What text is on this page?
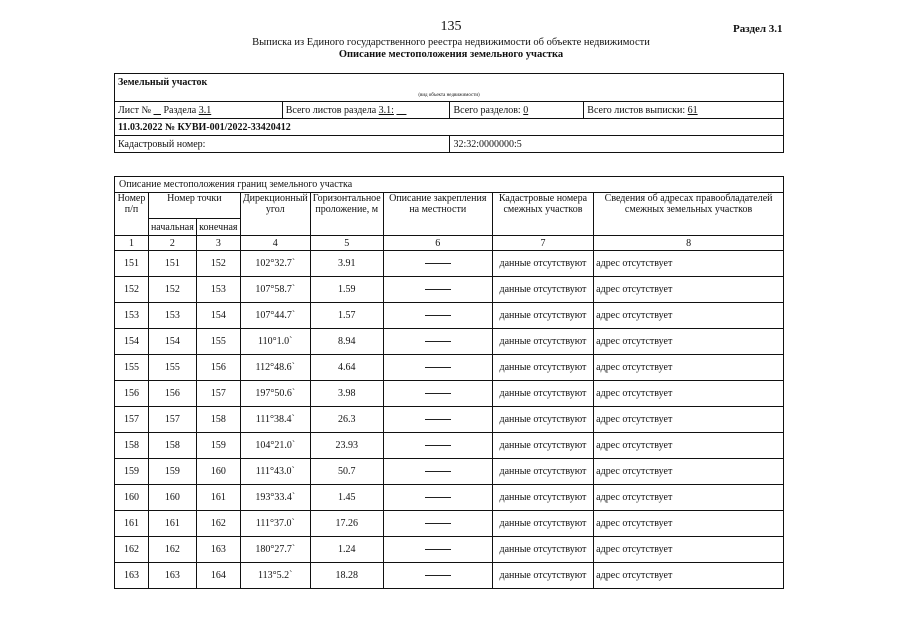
135	Раздел 3.1
Выписка из Единого государственного реестра недвижимости об объекте недвижимости
Описание местоположения земельного участка
Земельный участок			
(вид объекта недвижимости)			
Лист № Раздела 3.1	Всего листов раздела 3.1:	Всего разделов: 0	Всего листов выписки: 61
11.03.2022 № КУВИ-001/2022-33420412			
Кадастровый номер:		32:32:0000000:5	
Описание местоположения границ земельного участка							
Номер п/п	Номер точки		Дирекционный угол	Горизонтальное проложение, м	Описание закрепления на местности	Кадастровые номера смежных участков	Сведения об адресах правообладателей смежных земельных участков
	начальная	конечная					
1	2	3	4	5	6	7	8
151	151	152	102°32.7`	3.91		данные отсутствуют	адрес отсутствует
152	152	153	107°58.7`	1.59		данные отсутствуют	адрес отсутствует
153	153	154	107°44.7`	1.57		данные отсутствуют	адрес отсутствует
154	154	155	110°1.0`	8.94		данные отсутствуют	адрес отсутствует
155	155	156	112°48.6`	4.64		данные отсутствуют	адрес отсутствует
156	156	157	197°50.6`	3.98		данные отсутствуют	адрес отсутствует
157	157	158	111°38.4`	26.3		данные отсутствуют	адрес отсутствует
158	158	159	104°21.0`	23.93		данные отсутствуют	адрес отсутствует
159	159	160	111°43.0`	50.7		данные отсутствуют	адрес отсутствует
160	160	161	193°33.4`	1.45		данные отсутствуют	адрес отсутствует
161	161	162	111°37.0`	17.26		данные отсутствуют	адрес отсутствует
162	162	163	180°27.7`	1.24		данные отсутствуют	адрес отсутствует
163	163	164	113°5.2`	18.28		данные отсутствуют	адрес отсутствует
